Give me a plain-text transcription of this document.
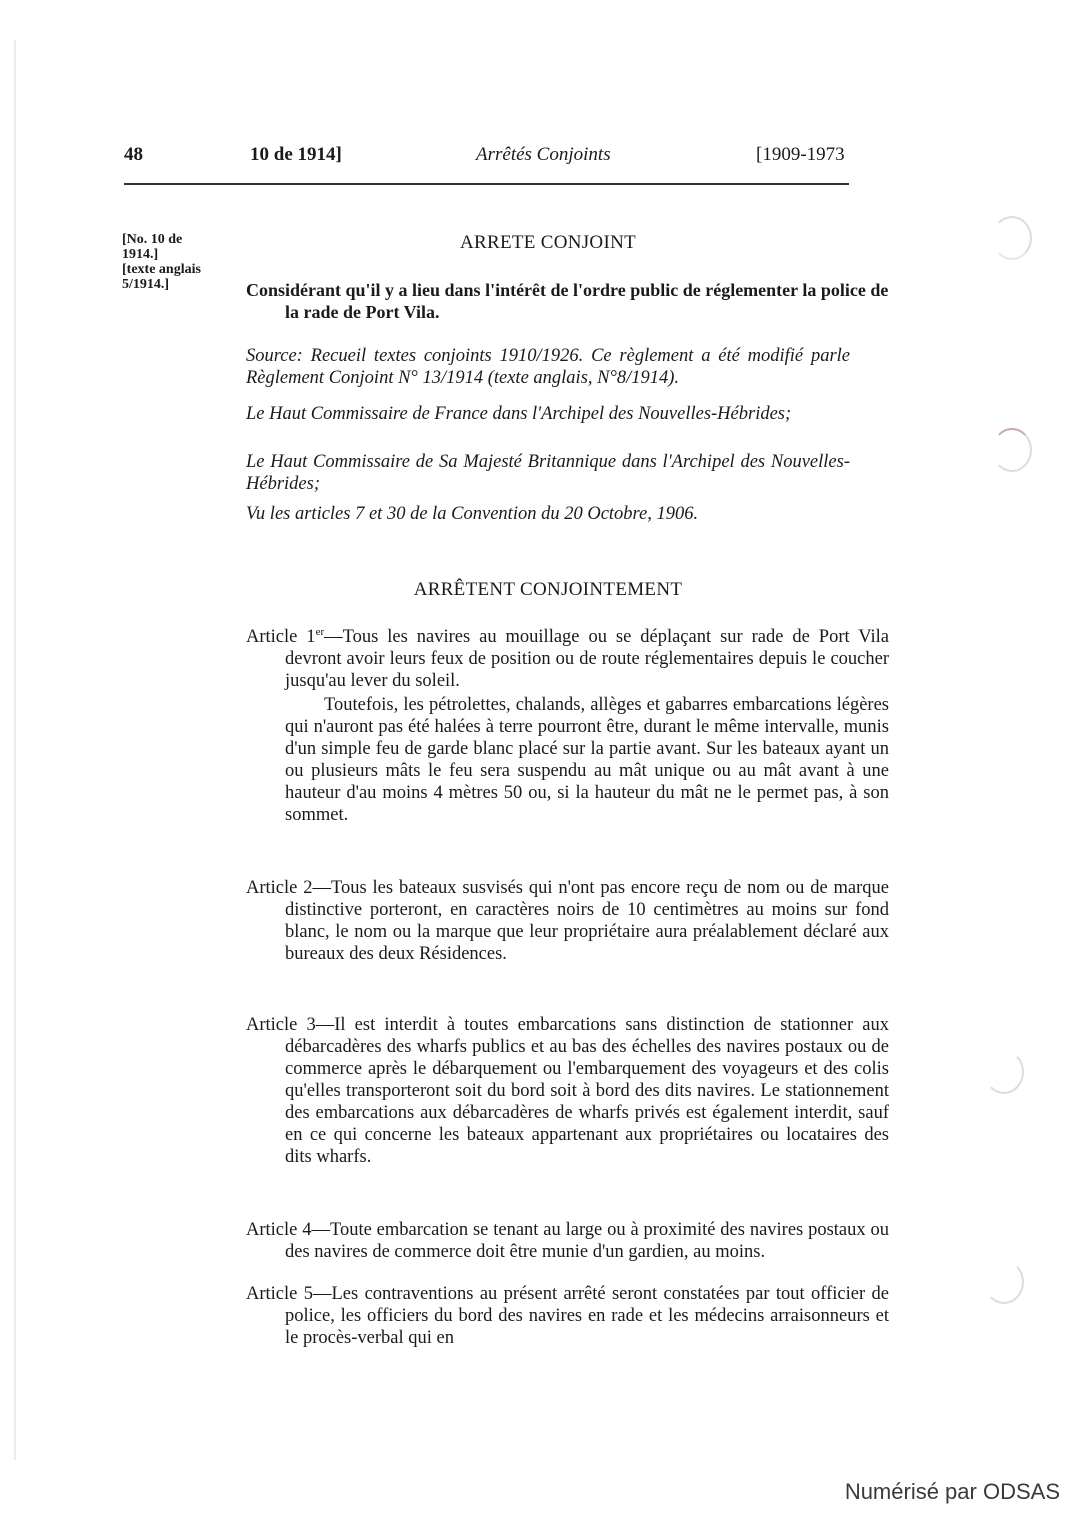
48	10 de 1914]	Arrêtés Conjoints	[1909-1973
[No. 10 de
1914.]
[texte anglais
5/1914.]
ARRETE CONJOINT
Considérant qu'il y a lieu dans l'intérêt de l'ordre public de réglementer la police de la rade de Port Vila.
Source: Recueil textes conjoints 1910/1926. Ce règlement a été modifié parle Règlement Conjoint N° 13/1914 (texte anglais, N°8/1914).
Le Haut Commissaire de France dans l'Archipel des Nouvelles-Hébrides;
Le Haut Commissaire de Sa Majesté Britannique dans l'Archipel des Nouvelles-Hébrides;
Vu les articles 7 et 30 de la Convention du 20 Octobre, 1906.
ARRÊTENT CONJOINTEMENT
Article 1er—Tous les navires au mouillage ou se déplaçant sur rade de Port Vila devront avoir leurs feux de position ou de route réglementaires depuis le coucher jusqu'au lever du soleil.
Toutefois, les pétrolettes, chalands, allèges et gabarres embarcations légères qui n'auront pas été halées à terre pourront être, durant le même intervalle, munis d'un simple feu de garde blanc placé sur la partie avant. Sur les bateaux ayant un ou plusieurs mâts le feu sera suspendu au mât unique ou au mât avant à une hauteur d'au moins 4 mètres 50 ou, si la hauteur du mât ne le permet pas, à son sommet.
Article 2—Tous les bateaux susvisés qui n'ont pas encore reçu de nom ou de marque distinctive porteront, en caractères noirs de 10 centimètres au moins sur fond blanc, le nom ou la marque que leur propriétaire aura préalablement déclaré aux bureaux des deux Résidences.
Article 3—Il est interdit à toutes embarcations sans distinction de stationner aux débarcadères des wharfs publics et au bas des échelles des navires postaux ou de commerce après le débarquement ou l'embarquement des voyageurs et des colis qu'elles transporteront soit du bord soit à bord des dits navires. Le stationnement des embarcations aux débarcadères de wharfs privés est également interdit, sauf en ce qui concerne les bateaux appartenant aux propriétaires ou locataires des dits wharfs.
Article 4—Toute embarcation se tenant au large ou à proximité des navires postaux ou des navires de commerce doit être munie d'un gardien, au moins.
Article 5—Les contraventions au présent arrêté seront constatées par tout officier de police, les officiers du bord des navires en rade et les médecins arraisonneurs et le procès-verbal qui en
Numérisé par ODSAS
